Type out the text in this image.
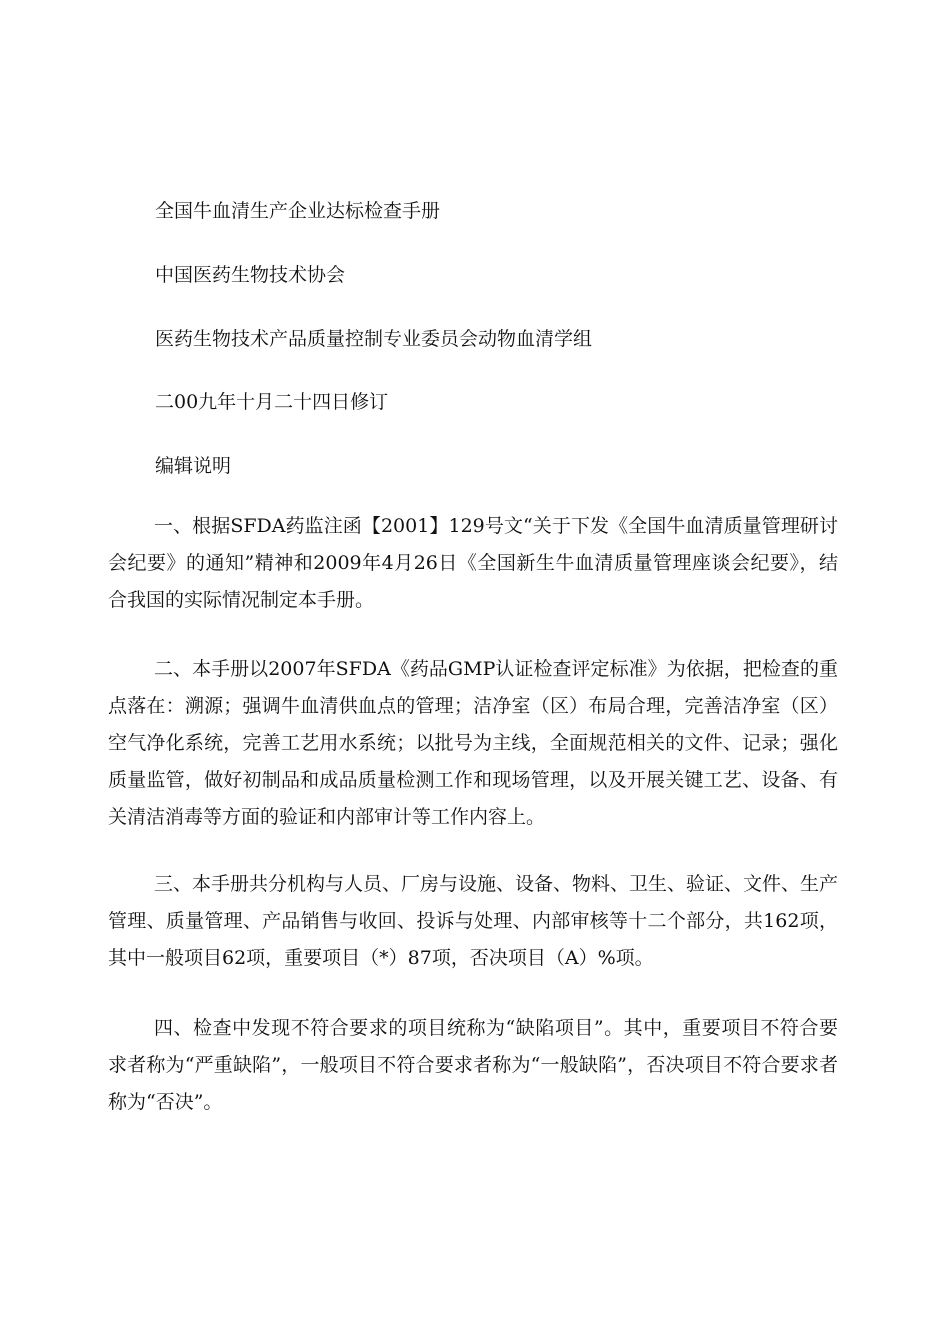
全国牛血清生产企业达标检查手册
中国医药生物技术协会
医药生物技术产品质量控制专业委员会动物血清学组
二00九年十月二十四日修订
编辑说明
一、根据SFDA药监注函【2001】129号文“关于下发《全国牛血清质量管理研讨会纪要》的通知”精神和2009年4月26日《全国新生牛血清质量管理座谈会纪要》，结合我国的实际情况制定本手册。
二、本手册以2007年SFDA《药品GMP认证检查评定标准》为依据，把检查的重点落在：溯源；强调牛血清供血点的管理；洁净室（区）布局合理，完善洁净室（区）空气净化系统，完善工艺用水系统；以批号为主线，全面规范相关的文件、记录；强化质量监管，做好初制品和成品质量检测工作和现场管理，以及开展关键工艺、设备、有关清洁消毒等方面的验证和内部审计等工作内容上。
三、本手册共分机构与人员、厂房与设施、设备、物料、卫生、验证、文件、生产管理、质量管理、产品销售与收回、投诉与处理、内部审核等十二个部分，共162项，其中一般项目62项，重要项目（*）87项，否决项目（A）%项。
四、检查中发现不符合要求的项目统称为“缺陷项目”。其中，重要项目不符合要求者称为“严重缺陷”，一般项目不符合要求者称为“一般缺陷”，否决项目不符合要求者称为“否决”。
